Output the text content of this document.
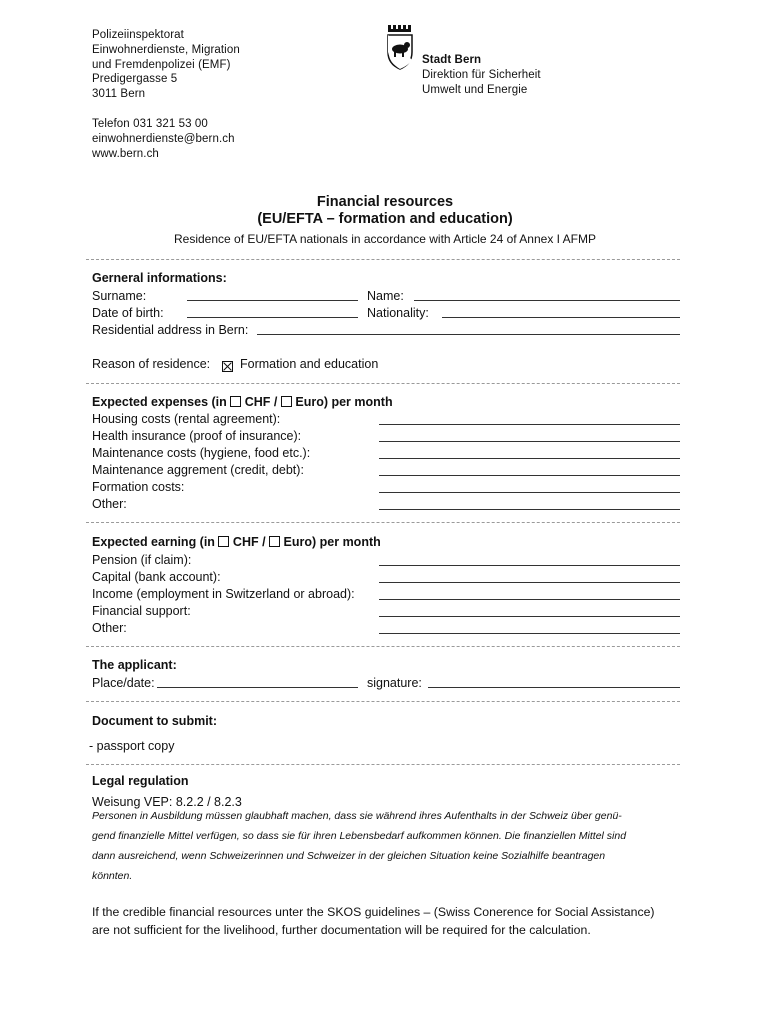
Polizeiinspektorat
Einwohnerdienste, Migration
und Fremdenpolizei (EMF)
Predigergasse 5
3011 Bern
Telefon 031 321 53 00
einwohnerdienste@bern.ch
www.bern.ch
Stadt Bern
Direktion für Sicherheit
Umwelt und Energie
Financial resources
(EU/EFTA – formation and education)
Residence of EU/EFTA nationals in accordance with Article 24 of Annex I AFMP
Gerneral informations:
Surname:	Name:
Date of birth:	Nationality:
Residential address in Bern:
Reason of residence: Formation and education
Expected expenses (in CHF / Euro) per month
Housing costs (rental agreement):
Health insurance (proof of insurance):
Maintenance costs (hygiene, food etc.):
Maintenance aggrement (credit, debt):
Formation costs:
Other:
Expected earning (in CHF / Euro) per month
Pension (if claim):
Capital (bank account):
Income (employment in Switzerland or abroad):
Financial support:
Other:
The applicant:
Place/date:	signature:
Document to submit:
- passport copy
Legal regulation
Weisung VEP: 8.2.2 / 8.2.3
Personen in Ausbildung müssen glaubhaft machen, dass sie während ihres Aufenthalts in der Schweiz über genü-
gend finanzielle Mittel verfügen, so dass sie für ihren Lebensbedarf aufkommen können. Die finanziellen Mittel sind
dann ausreichend, wenn Schweizerinnen und Schweizer in der gleichen Situation keine Sozialhilfe beantragen
könnten.
If the credible financial resources unter the SKOS guidelines – (Swiss Conerence for Social Assistance)
are not sufficient for the livelihood, further documentation will be required for the calculation.
